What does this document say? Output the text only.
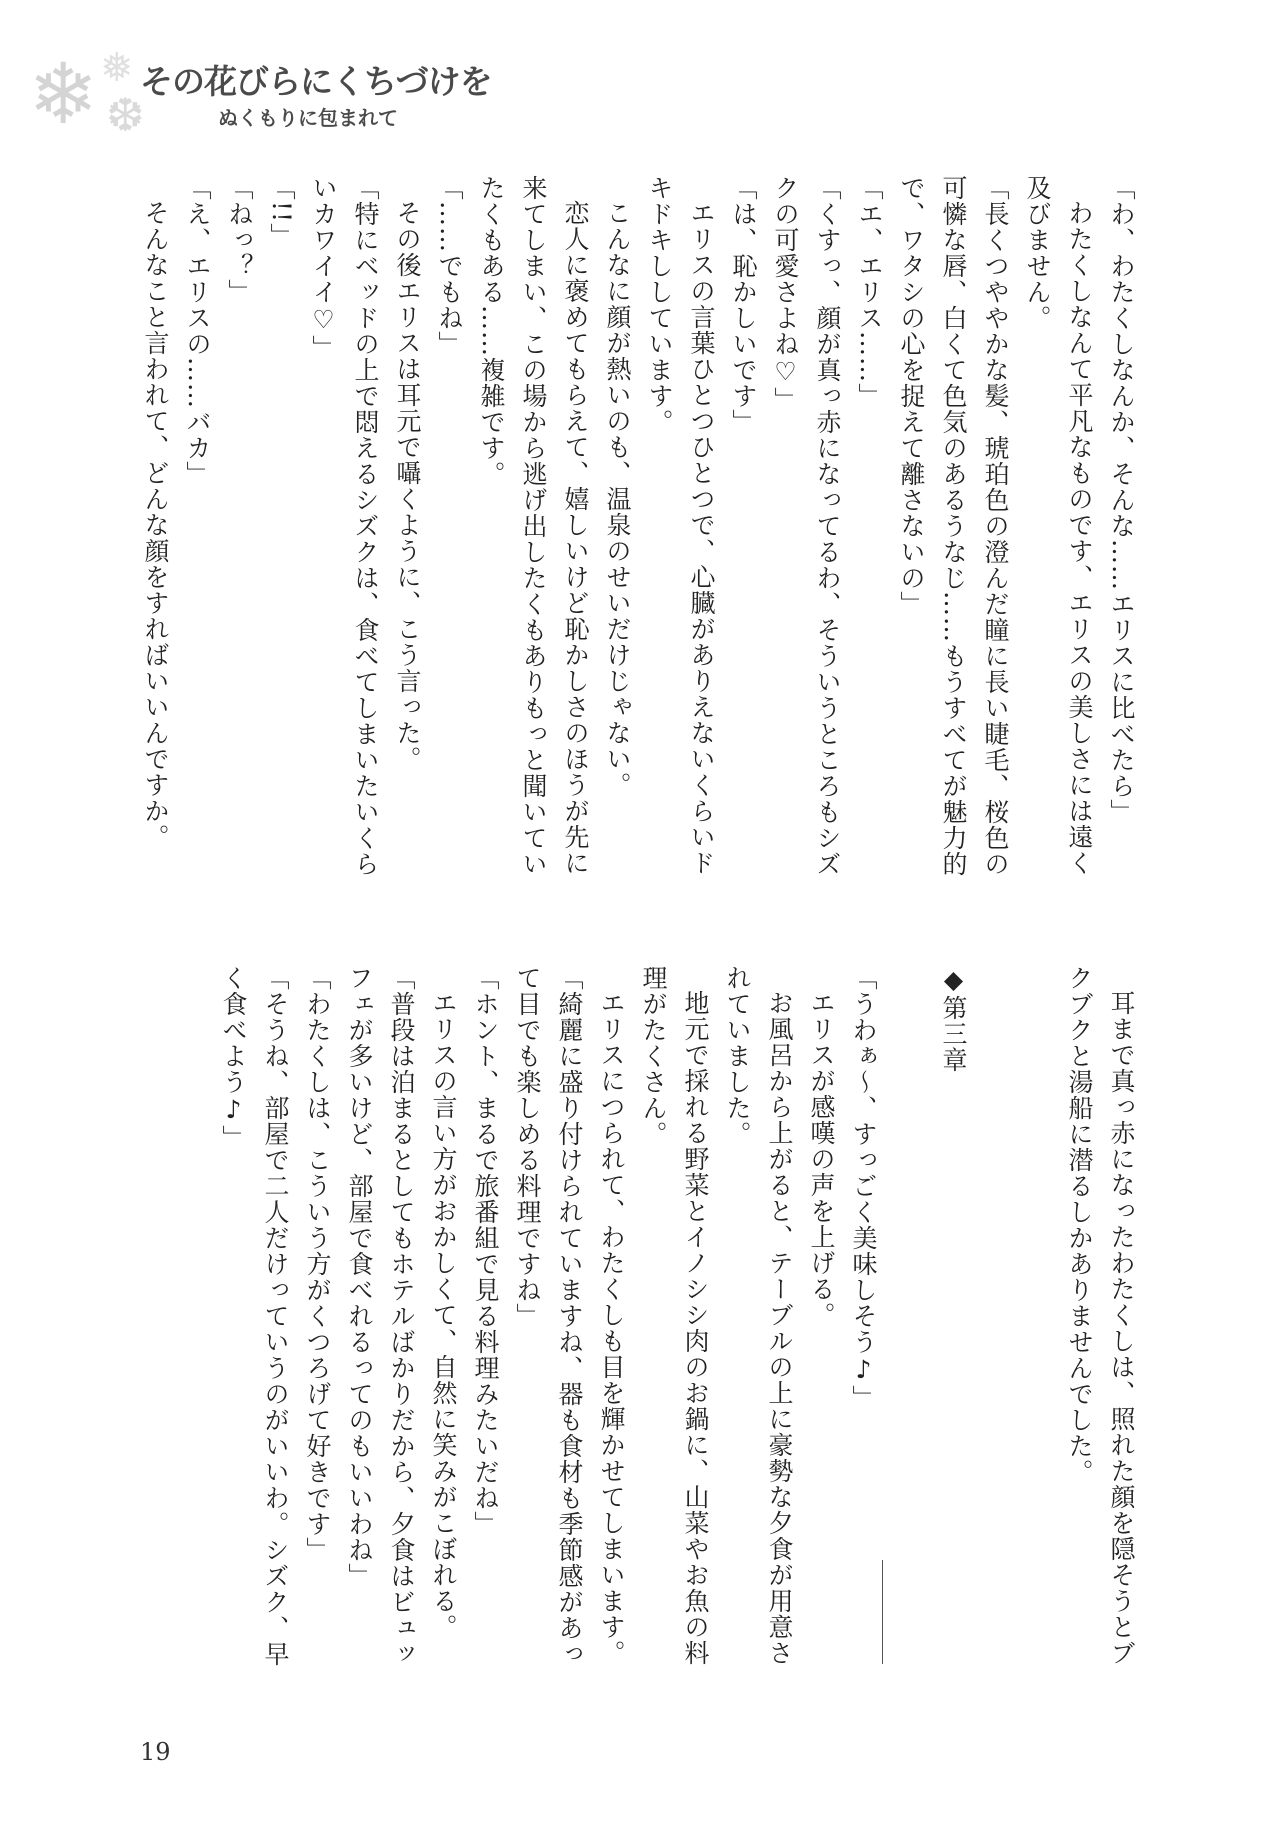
❄ ❅
❆
その花びらにくちづけを
ぬくもりに包まれて

「わ、わたくしなんか、そんな……エリスに比べたら」

わたくしなんて平凡なものです、エリスの美しさには遠く及びません。

「長くつややかな髪、琥珀色の澄んだ瞳に長い睫毛、桜色の可憐な唇、白くて色気のあるうなじ……もうすべてが魅力的で、ワタシの心を捉えて離さないの」

「エ、エリス……」

「くすっ、顔が真っ赤になってるわ、そういうところもシズクの可愛さよね♡」

「は、恥かしいです」

エリスの言葉ひとつひとつで、心臓がありえないくらいドキドキししています。

こんなに顔が熱いのも、温泉のせいだけじゃない。

恋人に褒めてもらえて、嬉しいけど恥かしさのほうが先に来てしまい、この場から逃げ出したくもありもっと聞いていたくもある……複雑です。

「……でもね」

その後エリスは耳元で囁くように、こう言った。

「特にベッドの上で悶えるシズクは、食べてしまいたいくらいカワイイ♡」

「!!」

「ねっ？」

「え、エリスの……バカ」

そんなこと言われて、どんな顔をすればいいんですか。

耳まで真っ赤になったわたくしは、照れた顔を隠そうとブクブクと湯船に潜るしかありませんでした。

◆第三章

「うわぁ～、すっごく美味しそう♪」

エリスが感嘆の声を上げる。

お風呂から上がると、テーブルの上に豪勢な夕食が用意されていました。

地元で採れる野菜とイノシシ肉のお鍋に、山菜やお魚の料理がたくさん。

エリスにつられて、わたくしも目を輝かせてしまいます。

「綺麗に盛り付けられていますね、器も食材も季節感があって目でも楽しめる料理ですね」

「ホント、まるで旅番組で見る料理みたいだね」

エリスの言い方がおかしくて、自然に笑みがこぼれる。

「普段は泊まるとしてもホテルばかりだから、夕食はビュッフェが多いけど、部屋で食べれるってのもいいわね」

「わたくしは、こういう方がくつろげて好きです」

「そうね、部屋で二人だけっていうのがいいわ。シズク、早く食べよう♪」

19
